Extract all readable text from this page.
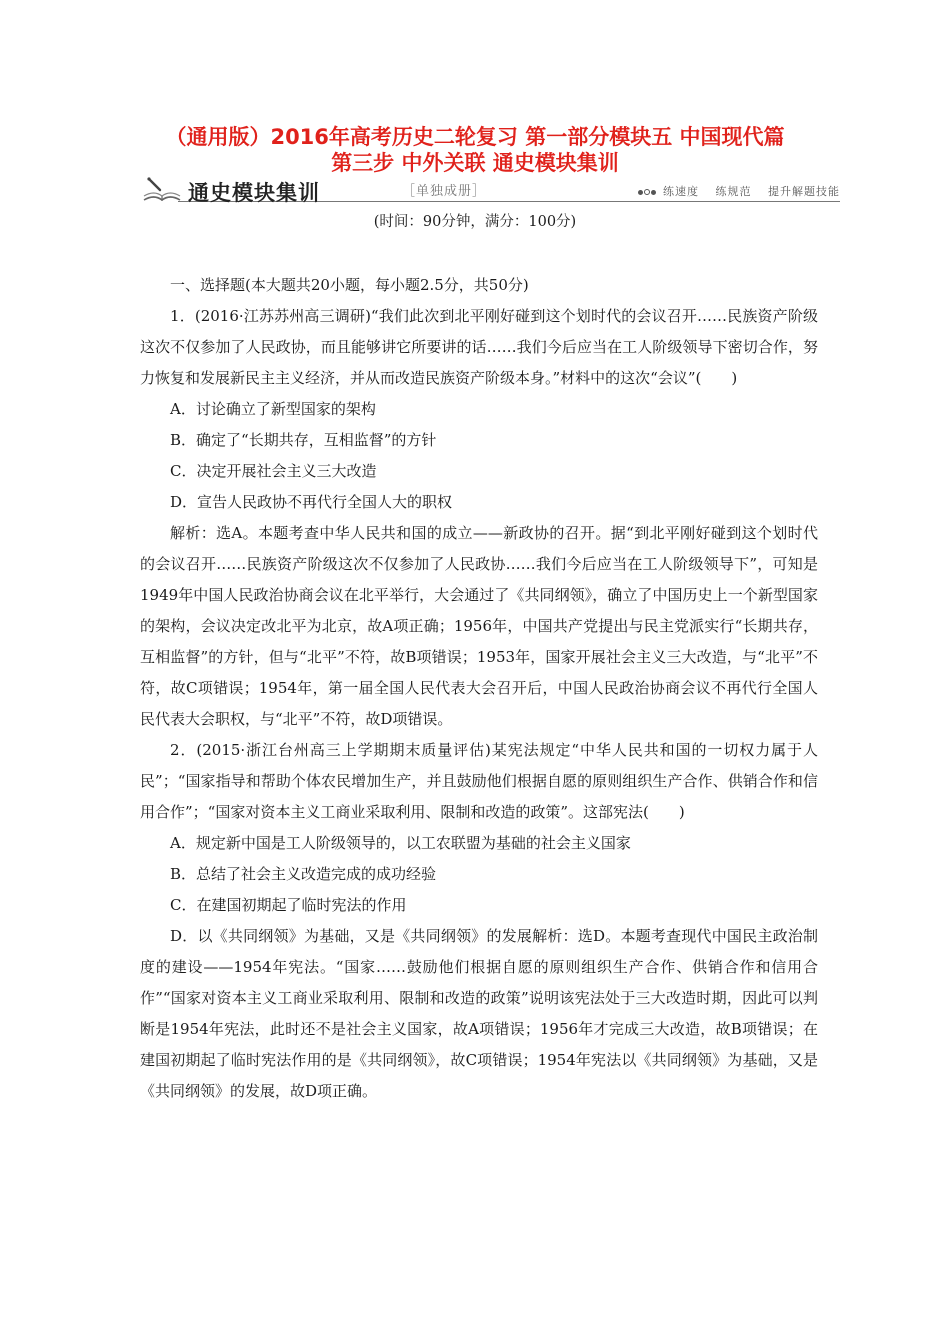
（通用版）2016年高考历史二轮复习 第一部分模块五 中国现代篇
第三步 中外关联 通史模块集训
通史模块集训	［单独成册］	练速度　 练规范　 提升解题技能
(时间：90分钟，满分：100分)

一、选择题(本大题共20小题，每小题2.5分，共50分)

1．(2016·江苏苏州高三调研)“我们此次到北平刚好碰到这个划时代的会议召开……民族资产阶级这次不仅参加了人民政协，而且能够讲它所要讲的话……我们今后应当在工人阶级领导下密切合作，努力恢复和发展新民主主义经济，并从而改造民族资产阶级本身。”材料中的这次“会议”(　　)

A．讨论确立了新型国家的架构

B．确定了“长期共存，互相监督”的方针

C．决定开展社会主义三大改造

D．宣告人民政协不再代行全国人大的职权

解析：选A。本题考查中华人民共和国的成立——新政协的召开。据“到北平刚好碰到这个划时代的会议召开……民族资产阶级这次不仅参加了人民政协……我们今后应当在工人阶级领导下”，可知是1949年中国人民政治协商会议在北平举行，大会通过了《共同纲领》，确立了中国历史上一个新型国家的架构，会议决定改北平为北京，故A项正确；1956年，中国共产党提出与民主党派实行“长期共存，互相监督”的方针，但与“北平”不符，故B项错误；1953年，国家开展社会主义三大改造，与“北平”不符，故C项错误；1954年，第一届全国人民代表大会召开后，中国人民政治协商会议不再代行全国人民代表大会职权，与“北平”不符，故D项错误。

2．(2015·浙江台州高三上学期期末质量评估)某宪法规定“中华人民共和国的一切权力属于人民”；“国家指导和帮助个体农民增加生产，并且鼓励他们根据自愿的原则组织生产合作、供销合作和信用合作”；“国家对资本主义工商业采取利用、限制和改造的政策”。这部宪法(　　)

A．规定新中国是工人阶级领导的，以工农联盟为基础的社会主义国家

B．总结了社会主义改造完成的成功经验

C．在建国初期起了临时宪法的作用

D．以《共同纲领》为基础，又是《共同纲领》的发展解析：选D。本题考查现代中国民主政治制度的建设——1954年宪法。“国家……鼓励他们根据自愿的原则组织生产合作、供销合作和信用合作”“国家对资本主义工商业采取利用、限制和改造的政策”说明该宪法处于三大改造时期，因此可以判断是1954年宪法，此时还不是社会主义国家，故A项错误；1956年才完成三大改造，故B项错误；在建国初期起了临时宪法作用的是《共同纲领》，故C项错误；1954年宪法以《共同纲领》为基础，又是《共同纲领》的发展，故D项正确。
